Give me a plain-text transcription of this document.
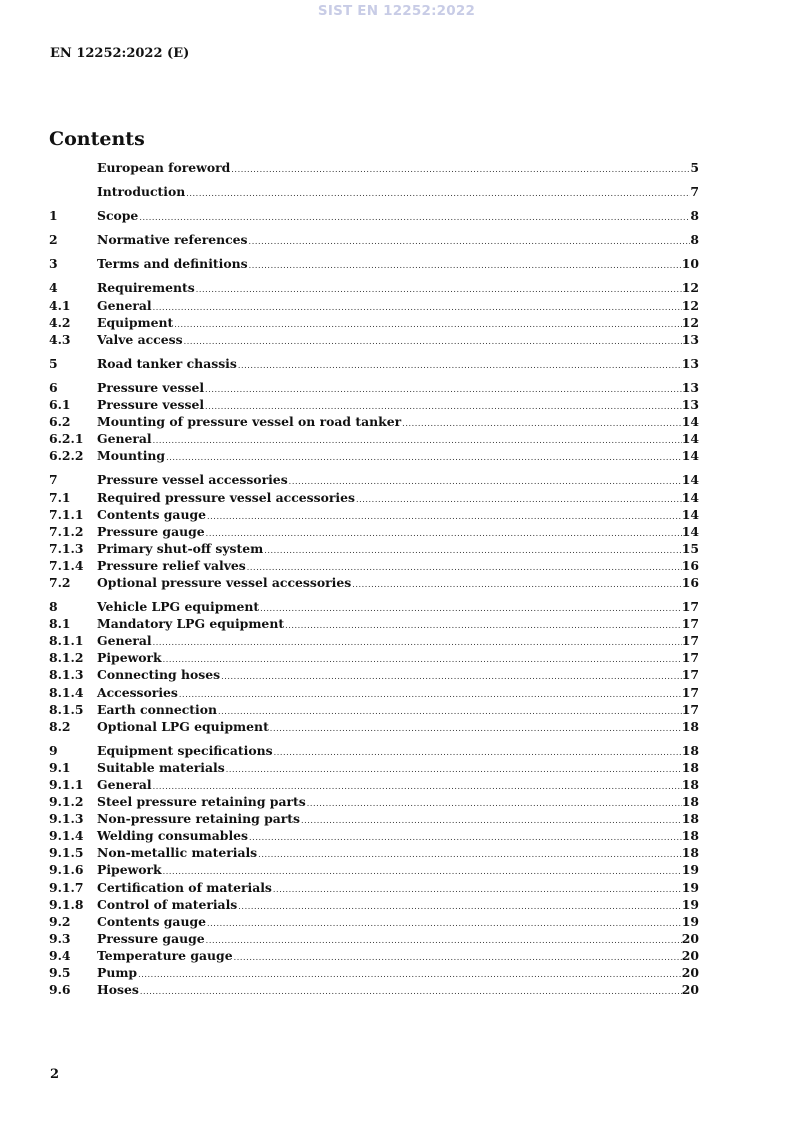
SIST EN 12252:2022
EN 12252:2022 (E)
Contents
European foreword .....	5
Introduction .....	7
1	Scope .....	8
2	Normative references .....	8
3	Terms and definitions .....	10
4	Requirements .....	12
4.1	General .....	12
4.2	Equipment .....	12
4.3	Valve access .....	13
5	Road tanker chassis .....	13
6	Pressure vessel .....	13
6.1	Pressure vessel .....	13
6.2	Mounting of pressure vessel on road tanker .....	14
6.2.1	General .....	14
6.2.2	Mounting .....	14
7	Pressure vessel accessories .....	14
7.1	Required pressure vessel accessories .....	14
7.1.1	Contents gauge .....	14
7.1.2	Pressure gauge .....	14
7.1.3	Primary shut-off system .....	15
7.1.4	Pressure relief valves .....	16
7.2	Optional pressure vessel accessories .....	16
8	Vehicle LPG equipment .....	17
8.1	Mandatory LPG equipment .....	17
8.1.1	General .....	17
8.1.2	Pipework .....	17
8.1.3	Connecting hoses .....	17
8.1.4	Accessories .....	17
8.1.5	Earth connection .....	17
8.2	Optional LPG equipment .....	18
9	Equipment specifications .....	18
9.1	Suitable materials .....	18
9.1.1	General .....	18
9.1.2	Steel pressure retaining parts .....	18
9.1.3	Non-pressure retaining parts .....	18
9.1.4	Welding consumables .....	18
9.1.5	Non-metallic materials .....	18
9.1.6	Pipework .....	19
9.1.7	Certification of materials .....	19
9.1.8	Control of materials .....	19
9.2	Contents gauge .....	19
9.3	Pressure gauge .....	20
9.4	Temperature gauge .....	20
9.5	Pump .....	20
9.6	Hoses .....	20
2
